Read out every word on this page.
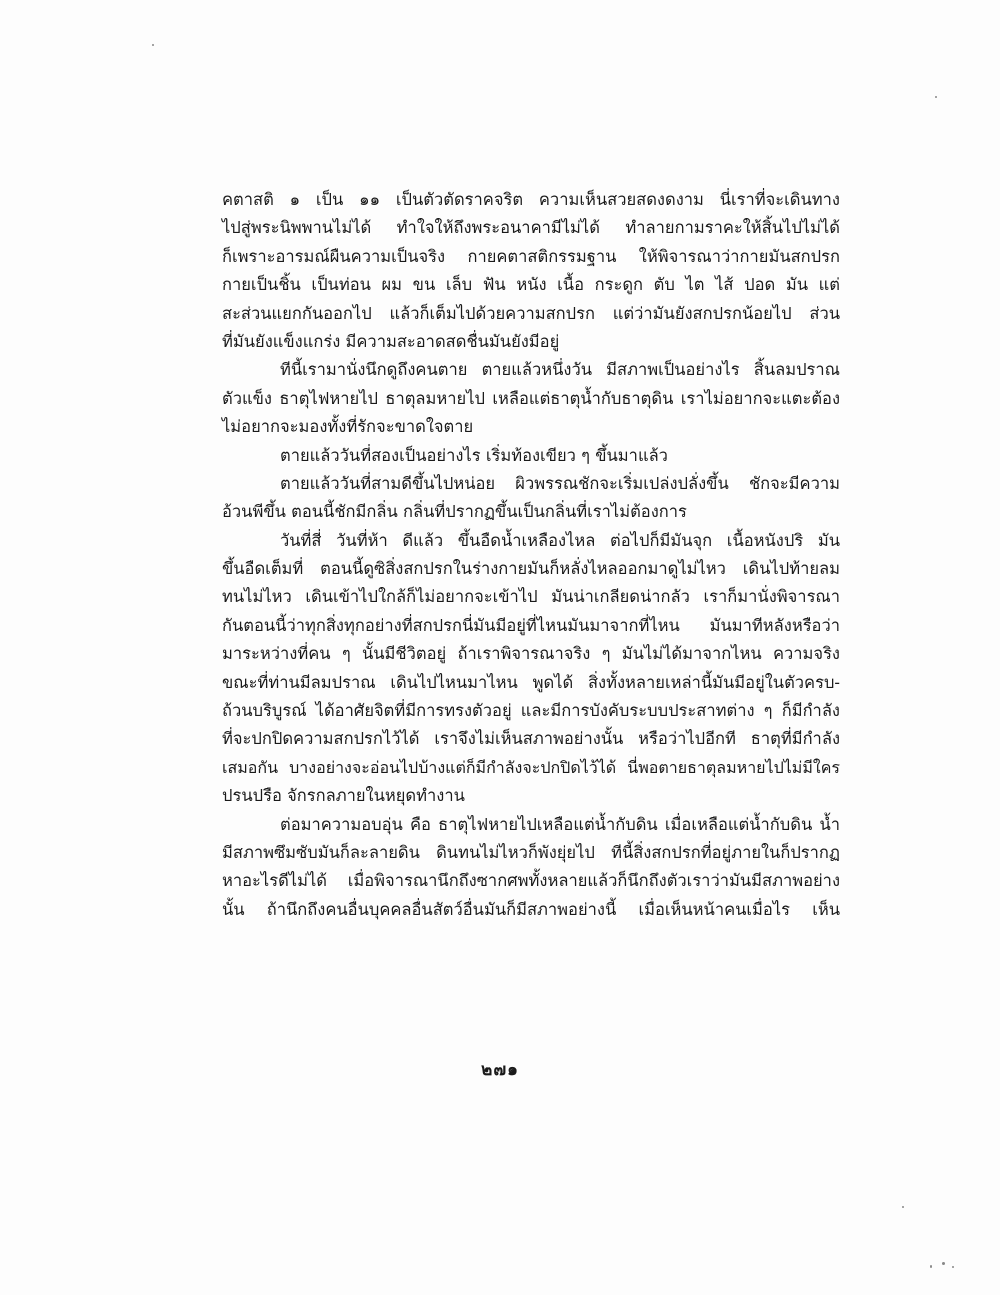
คตาสติ ๑ เป็น ๑๑ เป็นตัวตัดราคจริต ความเห็นสวยสดงดงาม นี่เราที่จะเดินทาง
ไปสู่พระนิพพานไม่ได้ ทำใจให้ถึงพระอนาคามีไม่ได้ ทำลายกามราคะให้สิ้นไปไม่ได้
ก็เพราะอารมณ์ผืนความเป็นจริง กายคตาสติกรรมฐาน ให้พิจารณาว่ากายมันสกปรก
กายเป็นชิ้น เป็นท่อน ผม ขน เล็บ ฟัน หนัง เนื้อ กระดูก ตับ ไต ไส้ ปอด มัน แต่
สะส่วนแยกกันออกไป แล้วก็เต็มไปด้วยความสกปรก แต่ว่ามันยังสกปรกน้อยไป ส่วน
ที่มันยังแข็งแกร่ง มีความสะอาดสดชื่นมันยังมีอยู่
ทีนี้เรามานั่งนึกดูถึงคนตาย ตายแล้วหนึ่งวัน มีสภาพเป็นอย่างไร สิ้นลมปราณ
ตัวแข็ง ธาตุไฟหายไป ธาตุลมหายไป เหลือแต่ธาตุน้ำกับธาตุดิน เราไม่อยากจะแตะต้อง
ไม่อยากจะมองทั้งที่รักจะขาดใจตาย
ตายแล้ววันที่สองเป็นอย่างไร เริ่มท้องเขียว ๆ ขึ้นมาแล้ว
ตายแล้ววันที่สามดีขึ้นไปหน่อย ผิวพรรณชักจะเริ่มเปล่งปลั่งขึ้น ชักจะมีความ
อ้วนพีขึ้น ตอนนี้ชักมีกลิ่น กลิ่นที่ปรากฏขึ้นเป็นกลิ่นที่เราไม่ต้องการ
วันที่สี่ วันที่ห้า ดีแล้ว ขึ้นอืดน้ำเหลืองไหล ต่อไปก็มีมันจุก เนื้อหนังปริ มัน
ขึ้นอืดเต็มที่ ตอนนี้ดูซิสิ่งสกปรกในร่างกายมันก็หลั่งไหลออกมาดูไม่ไหว เดินไปท้ายลม
ทนไม่ไหว เดินเข้าไปใกล้ก็ไม่อยากจะเข้าไป มันน่าเกลียดน่ากลัว เราก็มานั่งพิจารณา
กันตอนนี้ว่าทุกสิ่งทุกอย่างที่สกปรกนี่มันมีอยู่ที่ไหนมันมาจากที่ไหน มันมาทีหลังหรือว่า
มาระหว่างที่คน ๆ นั้นมีชีวิตอยู่ ถ้าเราพิจารณาจริง ๆ มันไม่ได้มาจากไหน ความจริง
ขณะที่ท่านมีลมปราณ เดินไปไหนมาไหน พูดได้ สิ่งทั้งหลายเหล่านี้มันมีอยู่ในตัวครบ-
ถ้วนบริบูรณ์ ได้อาศัยจิตที่มีการทรงตัวอยู่ และมีการบังคับระบบประสาทต่าง ๆ ก็มีกำลัง
ที่จะปกปิดความสกปรกไว้ได้ เราจึงไม่เห็นสภาพอย่างนั้น หรือว่าไปอีกที ธาตุที่มีกำลัง
เสมอกัน บางอย่างจะอ่อนไปบ้างแต่ก็มีกำลังจะปกปิดไว้ได้ นี่พอตายธาตุลมหายไปไม่มีใคร
ปรนปรือ จักรกลภายในหยุดทำงาน
ต่อมาความอบอุ่น คือ ธาตุไฟหายไปเหลือแต่น้ำกับดิน เมื่อเหลือแต่น้ำกับดิน น้ำ
มีสภาพซึมซับมันก็ละลายดิน ดินทนไม่ไหวก็พังยุ่ยไป ทีนี้สิ่งสกปรกที่อยู่ภายในก็ปรากฏ
หาอะไรดีไม่ได้ เมื่อพิจารณานึกถึงซากศพทั้งหลายแล้วก็นึกถึงตัวเราว่ามันมีสภาพอย่าง
นั้น ถ้านึกถึงคนอื่นบุคคลอื่นสัตว์อื่นมันก็มีสภาพอย่างนี้ เมื่อเห็นหน้าคนเมื่อไร เห็น
๒๗๑
